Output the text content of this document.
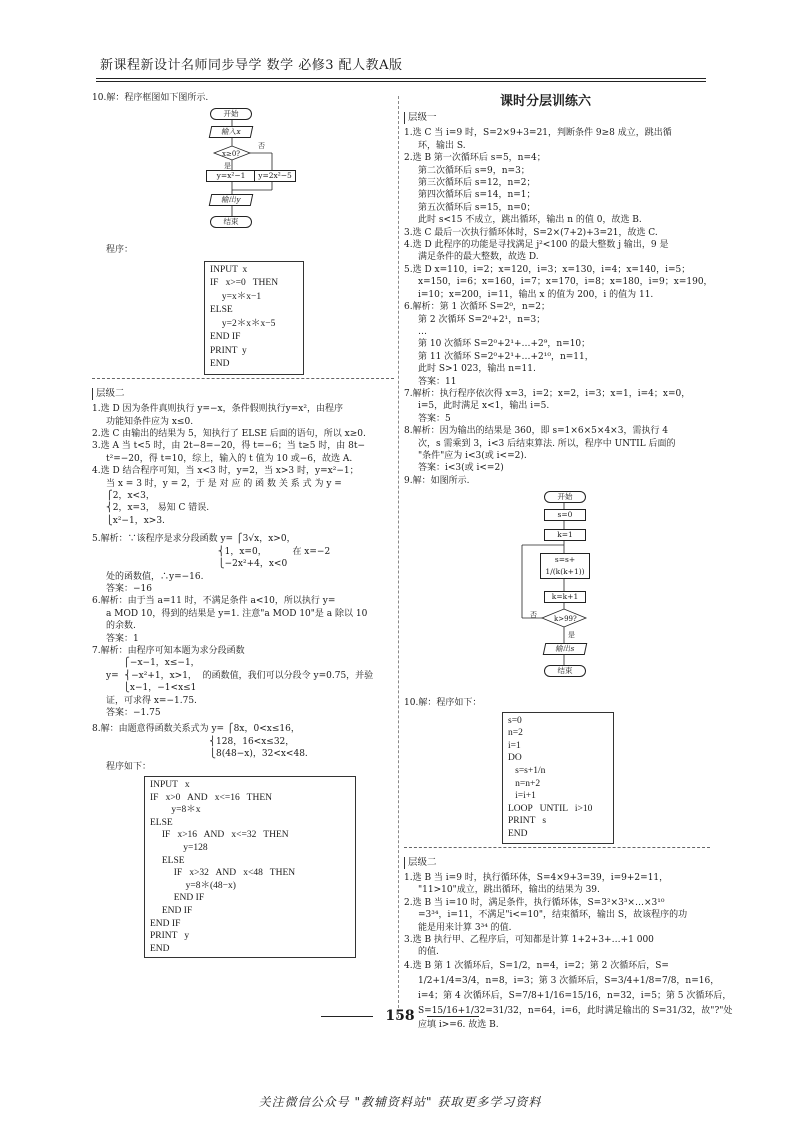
新课程新设计名师同步导学 数学 必修3 配人教A版

10.解：程序框图如下图所示.

开始
输入x
x≥0?
否
是
y=x²−1	y=2x²−5
输出y
结束

程序：

INPUT  x
IF   x>=0   THEN
y=x＊x−1
ELSE
y=2＊x＊x−5
END IF
PRINT  y
END
层级二

1.选 D 因为条件真则执行 y=−x，条件假则执行y=x²，由程序

功能知条件应为 x≤0.

2.选 C 由输出的结果为 5，知执行了 ELSE 后面的语句，所以 x≥0.

3.选 A 当 t<5 时，由 2t−8=−20，得 t=−6；当 t≥5 时，由 8t−

t²=−20，得 t=10，综上，输入的 t 值为 10 或−6，故选 A.

4.选 D 结合程序可知，当 x<3 时，y=2，当 x>3 时，y=x²−1；

当 x = 3 时，y = 2，于 是 对 应 的 函 数 关 系 式 为 y =

⎧2，x<3，

⎨2，x=3， 易知 C 错误.

⎩x²−1，x>3.

5.解析：∵该程序是求分段函数 y= ⎧3√x，x>0，

⎨1，x=0，         在 x=−2

⎩−2x²+4，x<0

处的函数值，∴y=−16.

答案：−16

6.解析：由于当 a=11 时，不满足条件 a<10，所以执行 y=

a MOD 10，得到的结果是 y=1. 注意"a MOD 10"是 a 除以 10

的余数.

答案：1

7.解析：由程序可知本题为求分段函数

⎧−x−1，x≤−1，

y=  ⎨−x²+1，x>1，  的函数值，我们可以分段令 y=0.75，并验

⎩x−1，−1<x≤1

证，可求得 x=−1.75.

答案：−1.75

8.解：由题意得函数关系式为 y= ⎧8x，0<x≤16，

⎨128，16<x≤32，

⎩8(48−x)，32<x<48.

程序如下：

INPUT   x
IF   x>0   AND   x<=16   THEN
y=8＊x
ELSE
IF   x>16   AND   x<=32   THEN
y=128
ELSE
IF   x>32   AND   x<48   THEN
y=8＊(48−x)
END IF
END IF
END IF
PRINT   y
END
课时分层训练六
层级一

1.选 C 当 i=9 时，S=2×9+3=21，判断条件 9≥8 成立，跳出循

环，输出 S.

2.选 B 第一次循环后 s=5，n=4；

第二次循环后 s=9，n=3；

第三次循环后 s=12，n=2；

第四次循环后 s=14，n=1；

第五次循环后 s=15，n=0；

此时 s<15 不成立，跳出循环，输出 n 的值 0，故选 B.

3.选 C 最后一次执行循环体时，S=2×(7+2)+3=21，故选 C.

4.选 D 此程序的功能是寻找满足 j²<100 的最大整数 j 输出，9 是

满足条件的最大整数，故选 D.

5.选 D x=110，i=2；x=120，i=3；x=130，i=4；x=140，i=5；

x=150，i=6；x=160，i=7；x=170，i=8；x=180，i=9；x=190，

i=10；x=200，i=11，输出 x 的值为 200，i 的值为 11.

6.解析：第 1 次循环 S=2⁰，n=2；

第 2 次循环 S=2⁰+2¹，n=3；

…

第 10 次循环 S=2⁰+2¹+…+2⁹，n=10；

第 11 次循环 S=2⁰+2¹+…+2¹⁰，n=11，

此时 S>1 023，输出 n=11.

答案：11

7.解析：执行程序依次得 x=3，i=2；x=2，i=3；x=1，i=4；x=0，

i=5，此时满足 x<1，输出 i=5.

答案：5

8.解析：因为输出的结果是 360，即 s=1×6×5×4×3，需执行 4

次，s 需乘到 3，i<3 后结束算法. 所以，程序中 UNTIL 后面的

"条件"应为 i<3(或 i<=2).

答案：i<3(或 i<=2)

9.解：如图所示.

开始
s=0
k=1
s=s+ 1/(k(k+1))
k=k+1
k>99?
否
是
输出s
结束

10.解：程序如下：

s=0
n=2
i=1
DO
s=s+1/n
n=n+2
i=i+1
LOOP   UNTIL   i>10
PRINT   s
END
层级二

1.选 B 当 i=9 时，执行循环体，S=4×9+3=39，i=9+2=11，

"11>10"成立，跳出循环，输出的结果为 39.

2.选 B 当 i=10 时，满足条件，执行循环体，S=3²×3³×…×3¹⁰

=3³⁴，i=11，不满足"i<=10"，结束循环，输出 S，故该程序的功

能是用来计算 3³⁴ 的值.

3.选 B 执行甲、乙程序后，可知都是计算 1+2+3+…+1 000

的值.

4.选 B 第 1 次循环后，S=1/2，n=4，i=2；第 2 次循环后，S=

1/2+1/4=3/4，n=8，i=3；第 3 次循环后，S=3/4+1/8=7/8，n=16，

i=4；第 4 次循环后，S=7/8+1/16=15/16，n=32，i=5；第 5 次循环后，

S=15/16+1/32=31/32，n=64，i=6，此时满足输出的 S=31/32，故"?"处

应填 i>=6. 故选 B.

158
关注微信公众号 "教辅资料站" 获取更多学习资料
